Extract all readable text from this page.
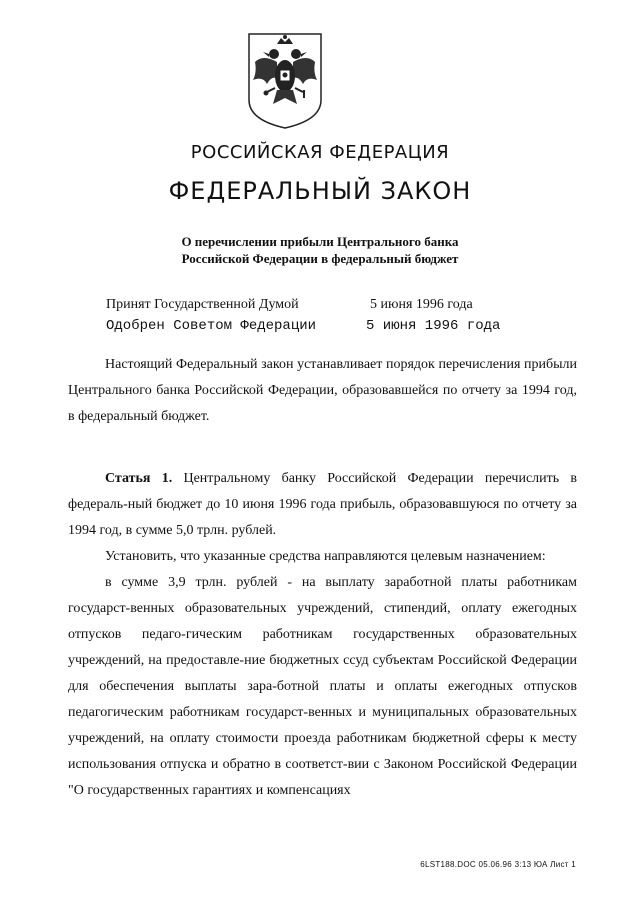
РОССИЙСКАЯ ФЕДЕРАЦИЯ
ФЕДЕРАЛЬНЫЙ ЗАКОН
О перечислении прибыли Центрального банка
Российской Федерации в федеральный бюджет
Принят Государственной Думой	5 июня 1996 года
Одобрен Советом Федерации	5 июня 1996 года

Настоящий Федеральный закон устанавливает порядок перечисления прибыли Центрального банка Российской Федерации, образовавшейся по отчету за 1994 год, в федеральный бюджет.

Статья 1. Центральному банку Российской Федерации перечислить в федераль-ный бюджет до 10 июня 1996 года прибыль, образовавшуюся по отчету за 1994 год, в сумме 5,0 трлн. рублей.

Установить, что указанные средства направляются целевым назначением:

в сумме 3,9 трлн. рублей - на выплату заработной платы работникам государст-венных образовательных учреждений, стипендий, оплату ежегодных отпусков педаго-гическим работникам государственных образовательных учреждений, на предоставле-ние бюджетных ссуд субъектам Российской Федерации для обеспечения выплаты зара-ботной платы и оплаты ежегодных отпусков педагогическим работникам государст-венных и муниципальных образовательных учреждений, на оплату стоимости проезда работникам бюджетной сферы к месту использования отпуска и обратно в соответст-вии с Законом Российской Федерации "О государственных гарантиях и компенсациях

6LST188.DOC 05.06.96 3:13 ЮА Лист 1
